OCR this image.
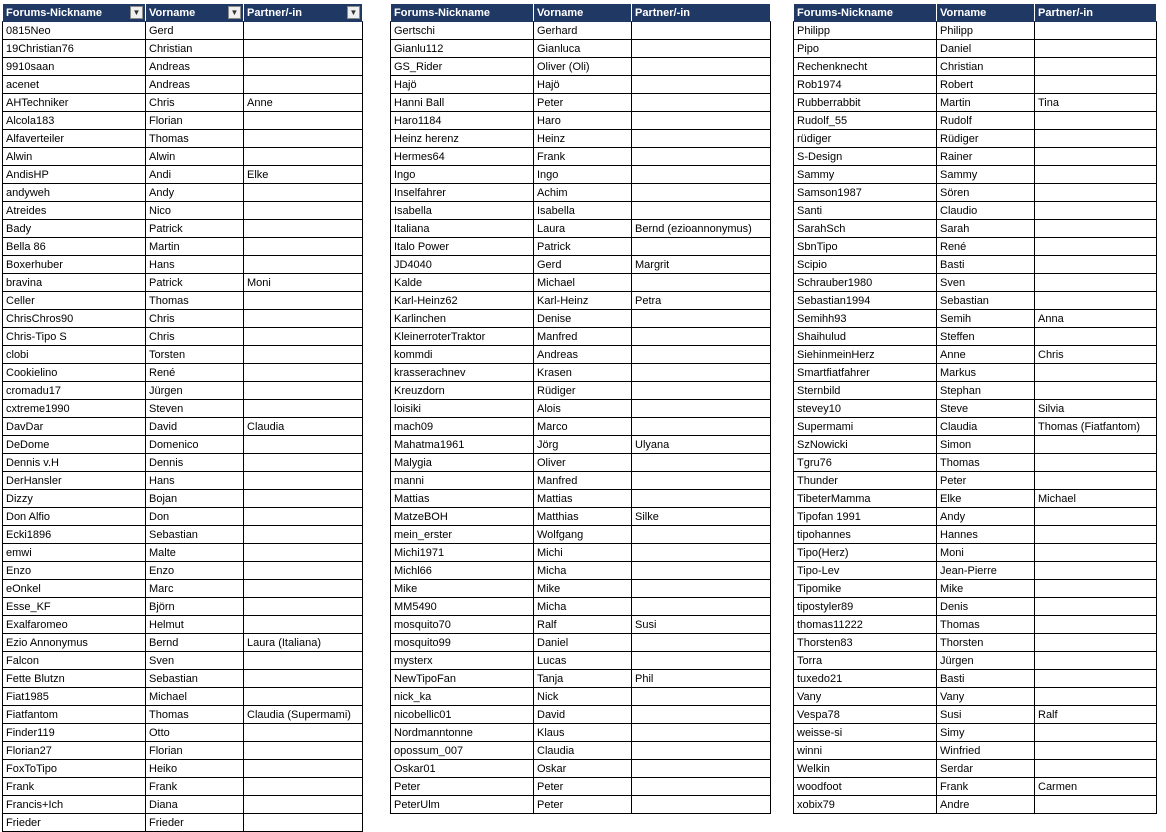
Forums-Nickname ▼	Vorname ▼	Partner/-in ▼

0815Neo	Gerd	
19Christian76	Christian	
9910saan	Andreas	
acenet	Andreas	
AHTechniker	Chris	Anne
Alcola183	Florian	
Alfaverteiler	Thomas	
Alwin	Alwin	
AndisHP	Andi	Elke
andyweh	Andy	
Atreides	Nico	
Bady	Patrick	
Bella 86	Martin	
Boxerhuber	Hans	
bravina	Patrick	Moni
Celler	Thomas	
ChrisChros90	Chris	
Chris-Tipo S	Chris	
clobi	Torsten	
Cookielino	René	
cromadu17	Jürgen	
cxtreme1990	Steven	
DavDar	David	Claudia
DeDome	Domenico	
Dennis v.H	Dennis	
DerHansler	Hans	
Dizzy	Bojan	
Don Alfio	Don	
Ecki1896	Sebastian	
emwi	Malte	
Enzo	Enzo	
eOnkel	Marc	
Esse_KF	Björn	
Exalfaromeo	Helmut	
Ezio Annonymus	Bernd	Laura (Italiana)
Falcon	Sven	
Fette Blutzn	Sebastian	
Fiat1985	Michael	
Fiatfantom	Thomas	Claudia (Supermami)
Finder119	Otto	
Florian27	Florian	
FoxToTipo	Heiko	
Frank	Frank	
Francis+Ich	Diana	
Frieder	Frieder	
Forums-Nickname	Vorname	Partner/-in
Gertschi	Gerhard	
Gianlu112	Gianluca	
GS_Rider	Oliver (Oli)	
Hajö	Hajö	
Hanni Ball	Peter	
Haro1184	Haro	
Heinz herenz	Heinz	
Hermes64	Frank	
Ingo	Ingo	
Inselfahrer	Achim	
Isabella	Isabella	
Italiana	Laura	Bernd (ezioannonymus)
Italo Power	Patrick	
JD4040	Gerd	Margrit
Kalde	Michael	
Karl-Heinz62	Karl-Heinz	Petra
Karlinchen	Denise	
KleinerroterTraktor	Manfred	
kommdi	Andreas	
krasserachnev	Krasen	
Kreuzdorn	Rüdiger	
loisiki	Alois	
mach09	Marco	
Mahatma1961	Jörg	Ulyana
Malygia	Oliver	
manni	Manfred	
Mattias	Mattias	
MatzeBOH	Matthias	Silke
mein_erster	Wolfgang	
Michi1971	Michi	
Michl66	Micha	
Mike	Mike	
MM5490	Micha	
mosquito70	Ralf	Susi
mosquito99	Daniel	
mysterx	Lucas	
NewTipoFan	Tanja	Phil
nick_ka	Nick	
nicobellic01	David	
Nordmanntonne	Klaus	
opossum_007	Claudia	
Oskar01	Oskar	
Peter	Peter	
PeterUlm	Peter	
Forums-Nickname	Vorname	Partner/-in
Philipp	Philipp	
Pipo	Daniel	
Rechenknecht	Christian	
Rob1974	Robert	
Rubberrabbit	Martin	Tina
Rudolf_55	Rudolf	
rüdiger	Rüdiger	
S-Design	Rainer	
Sammy	Sammy	
Samson1987	Sören	
Santi	Claudio	
SarahSch	Sarah	
SbnTipo	René	
Scipio	Basti	
Schrauber1980	Sven	
Sebastian1994	Sebastian	
Semihh93	Semih	Anna
Shaihulud	Steffen	
SiehinmeinHerz	Anne	Chris
Smartfiatfahrer	Markus	
Sternbild	Stephan	
stevey10	Steve	Silvia
Supermami	Claudia	Thomas (Fiatfantom)
SzNowicki	Simon	
Tgru76	Thomas	
Thunder	Peter	
TibeterMamma	Elke	Michael
Tipofan 1991	Andy	
tipohannes	Hannes	
Tipo(Herz)	Moni	
Tipo-Lev	Jean-Pierre	
Tipomike	Mike	
tipostyler89	Denis	
thomas11222	Thomas	
Thorsten83	Thorsten	
Torra	Jürgen	
tuxedo21	Basti	
Vany	Vany	
Vespa78	Susi	Ralf
weisse-si	Simy	
winni	Winfried	
Welkin	Serdar	
woodfoot	Frank	Carmen
xobix79	Andre	
